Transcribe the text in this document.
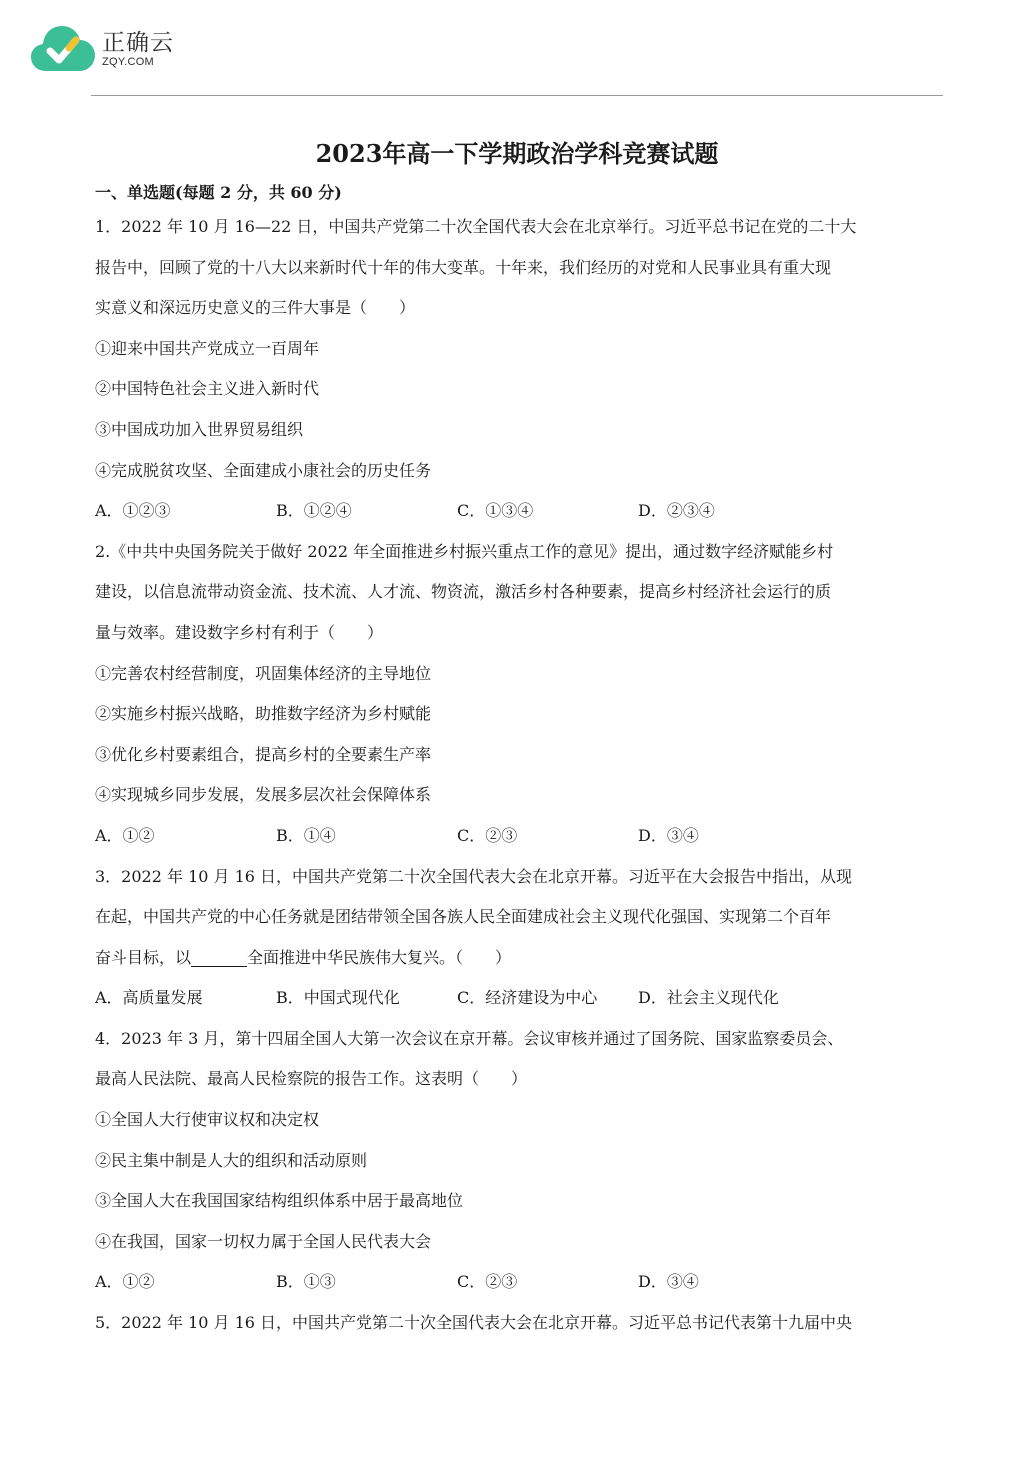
正确云
ZQY.COM
2023年高一下学期政治学科竞赛试题
一、单选题(每题 2 分，共 60 分)
1．2022 年 10 月 16—22 日，中国共产党第二十次全国代表大会在北京举行。习近平总书记在党的二十大
报告中，回顾了党的十八大以来新时代十年的伟大变革。十年来，我们经历的对党和人民事业具有重大现
实意义和深远历史意义的三件大事是（　　）
①迎来中国共产党成立一百周年
②中国特色社会主义进入新时代
③中国成功加入世界贸易组织
④完成脱贫攻坚、全面建成小康社会的历史任务
A．①②③	B．①②④	C．①③④	D．②③④
2.《中共中央国务院关于做好 2022 年全面推进乡村振兴重点工作的意见》提出，通过数字经济赋能乡村
建设，以信息流带动资金流、技术流、人才流、物资流，激活乡村各种要素，提高乡村经济社会运行的质
量与效率。建设数字乡村有利于（　　）
①完善农村经营制度，巩固集体经济的主导地位
②实施乡村振兴战略，助推数字经济为乡村赋能
③优化乡村要素组合，提高乡村的全要素生产率
④实现城乡同步发展，发展多层次社会保障体系
A．①②	B．①④	C．②③	D．③④
3．2022 年 10 月 16 日，中国共产党第二十次全国代表大会在北京开幕。习近平在大会报告中指出，从现
在起，中国共产党的中心任务就是团结带领全国各族人民全面建成社会主义现代化强国、实现第二个百年
奋斗目标，以	全面推进中华民族伟大复兴。（　　）
A．高质量发展	B．中国式现代化	C．经济建设为中心	D．社会主义现代化
4．2023 年 3 月，第十四届全国人大第一次会议在京开幕。会议审核并通过了国务院、国家监察委员会、
最高人民法院、最高人民检察院的报告工作。这表明（　　）
①全国人大行使审议权和决定权
②民主集中制是人大的组织和活动原则
③全国人大在我国国家结构组织体系中居于最高地位
④在我国，国家一切权力属于全国人民代表大会
A．①②	B．①③	C．②③	D．③④
5．2022 年 10 月 16 日，中国共产党第二十次全国代表大会在北京开幕。习近平总书记代表第十九届中央
